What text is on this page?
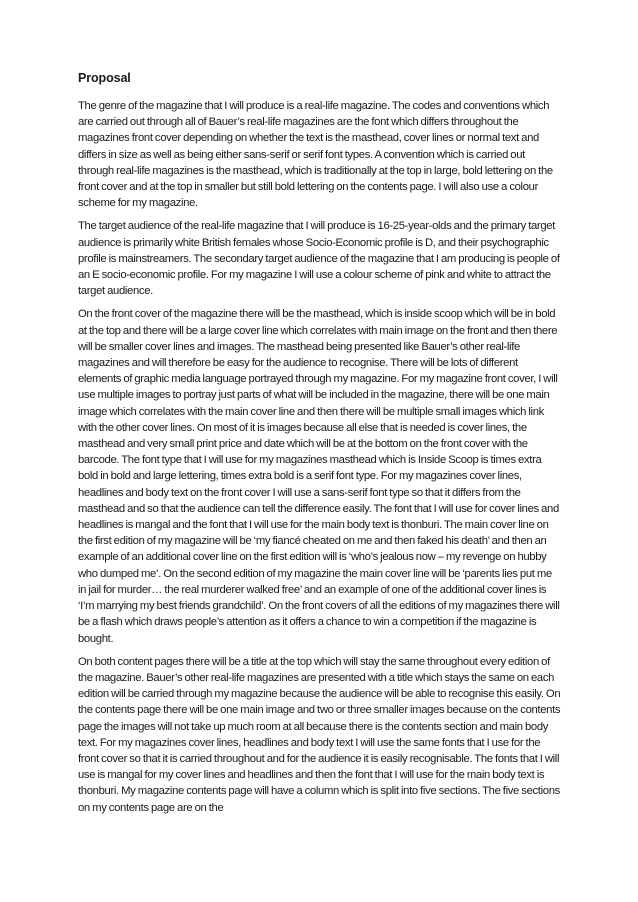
Proposal

The genre of the magazine that I will produce is a real-life magazine. The codes and conventions which are carried out through all of Bauer’s real-life magazines are the font which differs throughout the magazines front cover depending on whether the text is the masthead, cover lines or normal text and differs in size as well as being either sans-serif or serif font types. A convention which is carried out through real-life magazines is the masthead, which is traditionally at the top in large, bold lettering on the front cover and at the top in smaller but still bold lettering on the contents page. I will also use a colour scheme for my magazine.

The target audience of the real-life magazine that I will produce is 16-25-year-olds and the primary target audience is primarily white British females whose Socio-Economic profile is D, and their psychographic profile is mainstreamers. The secondary target audience of the magazine that I am producing is people of an E socio-economic profile. For my magazine I will use a colour scheme of pink and white to attract the target audience.

On the front cover of the magazine there will be the masthead, which is inside scoop which will be in bold at the top and there will be a large cover line which correlates with main image on the front and then there will be smaller cover lines and images. The masthead being presented like Bauer’s other real-life magazines and will therefore be easy for the audience to recognise. There will be lots of different elements of graphic media language portrayed through my magazine. For my magazine front cover, I will use multiple images to portray just parts of what will be included in the magazine, there will be one main image which correlates with the main cover line and then there will be multiple small images which link with the other cover lines. On most of it is images because all else that is needed is cover lines, the masthead and very small print price and date which will be at the bottom on the front cover with the barcode. The font type that I will use for my magazines masthead which is Inside Scoop is times extra bold in bold and large lettering, times extra bold is a serif font type. For my magazines cover lines, headlines and body text on the front cover I will use a sans-serif font type so that it differs from the masthead and so that the audience can tell the difference easily. The font that I will use for cover lines and headlines is mangal and the font that I will use for the main body text is thonburi. The main cover line on the first edition of my magazine will be ‘my fiancé cheated on me and then faked his death’ and then an example of an additional cover line on the first edition will is ‘who’s jealous now – my revenge on hubby who dumped me’. On the second edition of my magazine the main cover line will be ‘parents lies put me in jail for murder… the real murderer walked free’ and an example of one of the additional cover lines is ‘I’m marrying my best friends grandchild’. On the front covers of all the editions of my magazines there will be a flash which draws people’s attention as it offers a chance to win a competition if the magazine is bought.

On both content pages there will be a title at the top which will stay the same throughout every edition of the magazine. Bauer’s other real-life magazines are presented with a title which stays the same on each edition will be carried through my magazine because the audience will be able to recognise this easily. On the contents page there will be one main image and two or three smaller images because on the contents page the images will not take up much room at all because there is the contents section and main body text. For my magazines cover lines, headlines and body text I will use the same fonts that I use for the front cover so that it is carried throughout and for the audience it is easily recognisable. The fonts that I will use is mangal for my cover lines and headlines and then the font that I will use for the main body text is thonburi. My magazine contents page will have a column which is split into five sections. The five sections on my contents page are on the
